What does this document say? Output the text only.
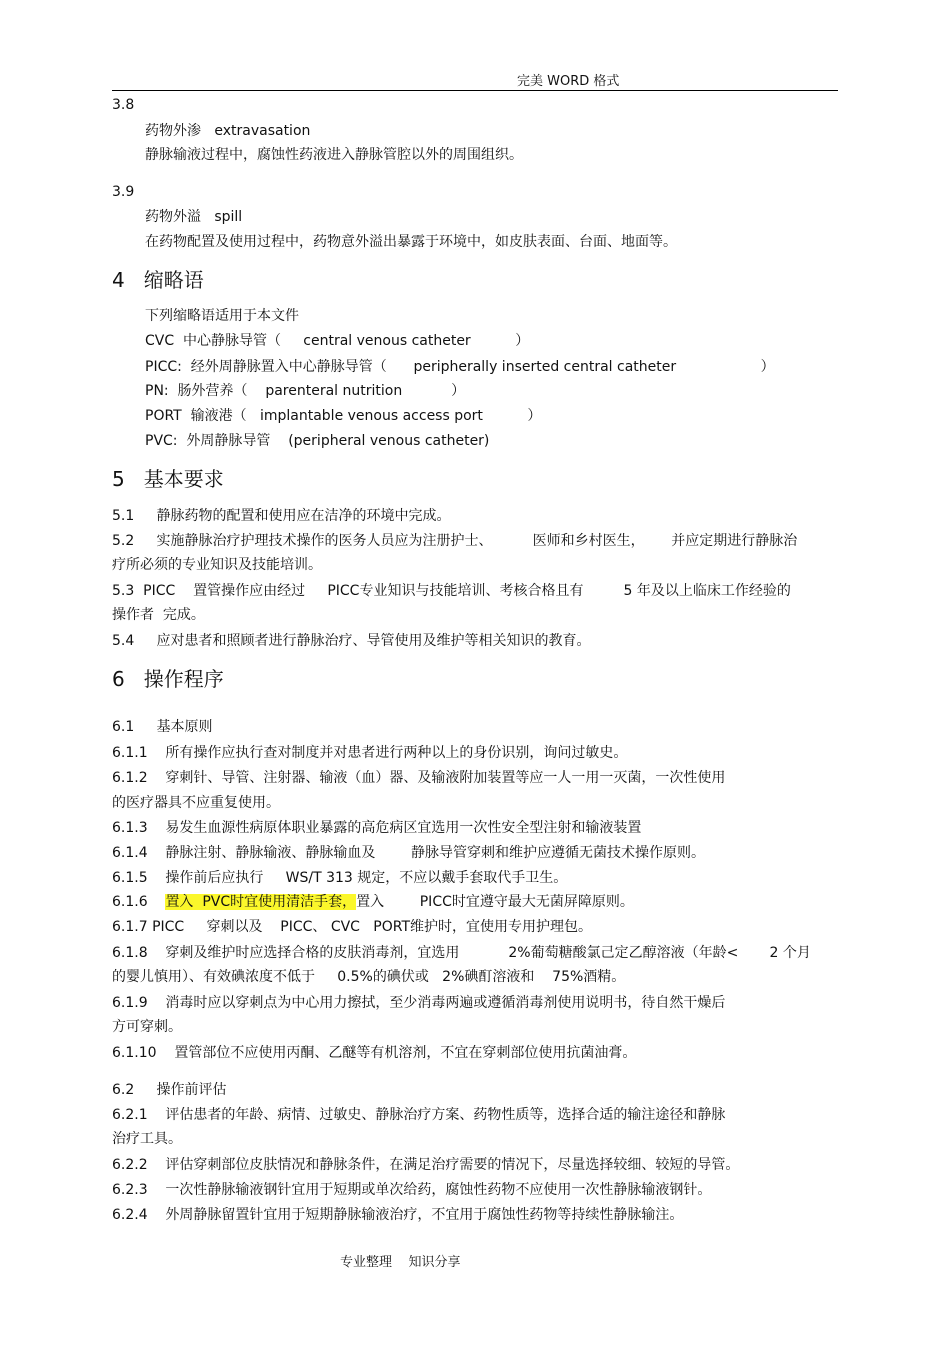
完美 WORD 格式
3.8
药物外渗   extravasation
静脉输液过程中，腐蚀性药液进入静脉管腔以外的周围组织。
3.9
药物外溢   spill
在药物配置及使用过程中，药物意外溢出暴露于环境中，如皮肤表面、台面、地面等。
4   缩略语
下列缩略语适用于本文件
CVC  中心静脉导管（     central venous catheter          ）
PICC:  经外周静脉置入中心静脉导管（      peripherally inserted central catheter                   ）
PN:  肠外营养（    parenteral nutrition           ）
PORT  输液港（   implantable venous access port          ）
PVC:  外周静脉导管    (peripheral venous catheter)
5   基本要求
5.1     静脉药物的配置和使用应在洁净的环境中完成。
5.2     实施静脉治疗护理技术操作的医务人员应为注册护士、         医师和乡村医生，      并应定期进行静脉治
疗所必须的专业知识及技能培训。
5.3  PICC    置管操作应由经过     PICC专业知识与技能培训、考核合格且有         5 年及以上临床工作经验的
操作者  完成。
5.4     应对患者和照顾者进行静脉治疗、导管使用及维护等相关知识的教育。
6   操作程序
6.1     基本原则
6.1.1    所有操作应执行查对制度并对患者进行两种以上的身份识别，询问过敏史。
6.1.2    穿刺针、导管、注射器、输液（血）器、及输液附加装置等应一人一用一灭菌，一次性使用
的医疗器具不应重复使用。
6.1.3    易发生血源性病原体职业暴露的高危病区宜选用一次性安全型注射和输液装置
6.1.4    静脉注射、静脉输液、静脉输血及        静脉导管穿刺和维护应遵循无菌技术操作原则。
6.1.5    操作前后应执行     WS/T 313 规定，不应以戴手套取代手卫生。
6.1.6    置入  PVC时宜使用清洁手套，置入        PICC时宜遵守最大无菌屏障原则。
6.1.7 PICC     穿刺以及    PICC、 CVC   PORT维护时，宜使用专用护理包。
6.1.8    穿刺及维护时应选择合格的皮肤消毒剂，宜选用           2%葡萄糖酸氯己定乙醇溶液（年龄<       2 个月
的婴儿慎用）、有效碘浓度不低于     0.5%的碘伏或   2%碘酊溶液和    75%酒精。
6.1.9    消毒时应以穿刺点为中心用力擦拭，至少消毒两遍或遵循消毒剂使用说明书，待自然干燥后
方可穿刺。
6.1.10    置管部位不应使用丙酮、乙醚等有机溶剂，不宜在穿刺部位使用抗菌油膏。
6.2     操作前评估
6.2.1    评估患者的年龄、病情、过敏史、静脉治疗方案、药物性质等，选择合适的输注途径和静脉
治疗工具。
6.2.2    评估穿刺部位皮肤情况和静脉条件，在满足治疗需要的情况下，尽量选择较细、较短的导管。
6.2.3    一次性静脉输液钢针宜用于短期或单次给药，腐蚀性药物不应使用一次性静脉输液钢针。
6.2.4    外周静脉留置针宜用于短期静脉输液治疗，不宜用于腐蚀性药物等持续性静脉输注。
专业整理    知识分享
